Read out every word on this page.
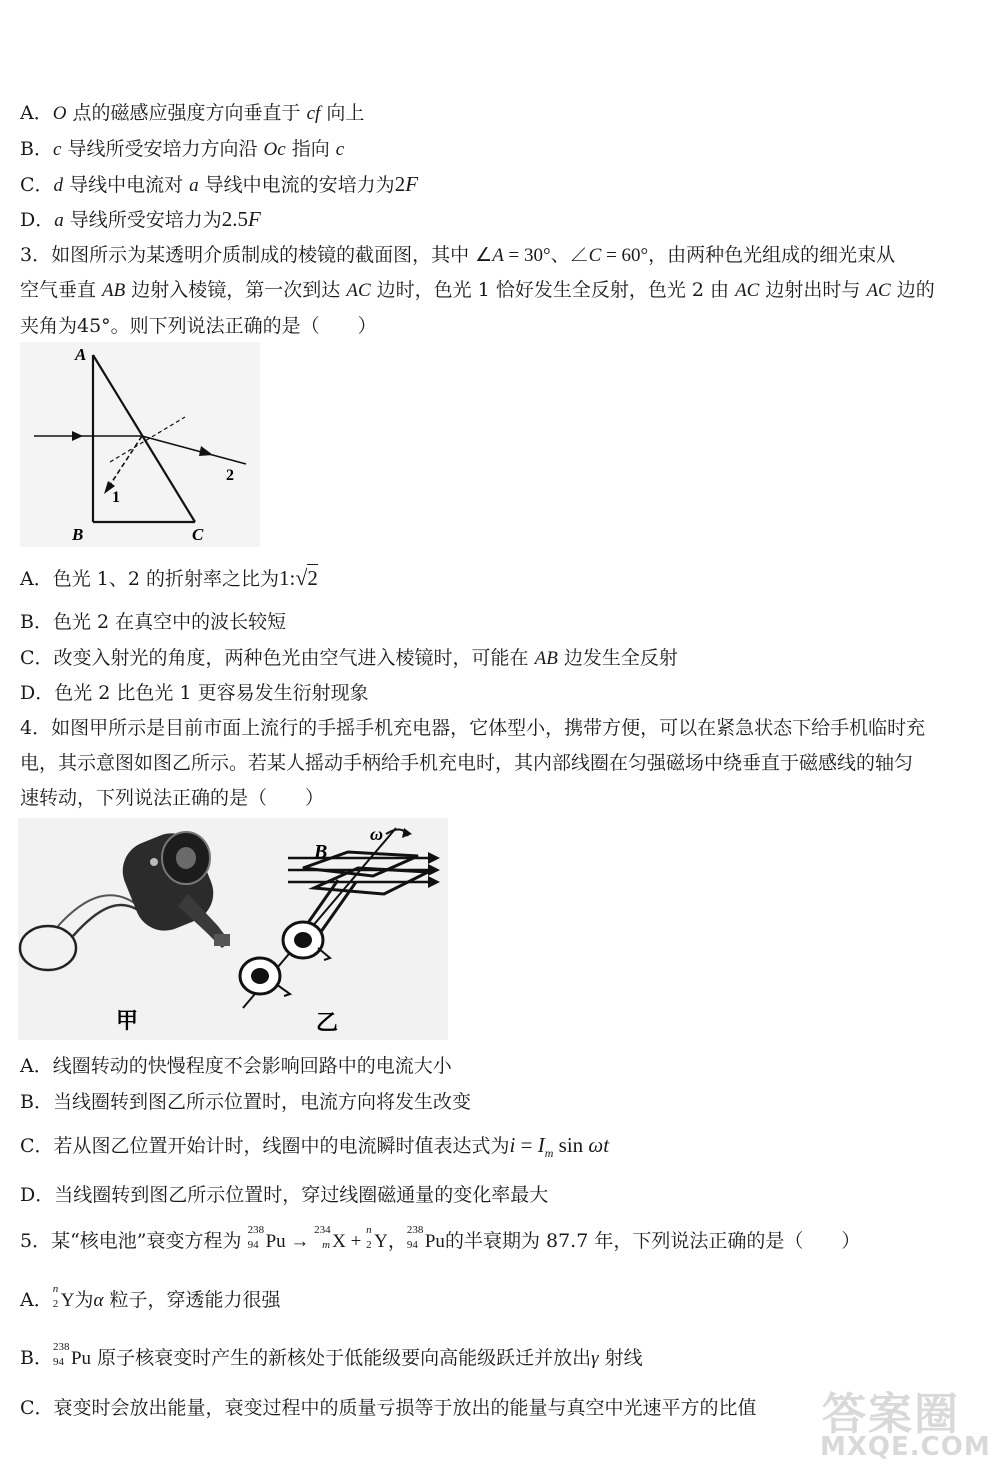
A．O 点的磁感应强度方向垂直于 cf 向上
B．c 导线所受安培力方向沿 Oc 指向 c
C．d 导线中电流对 a 导线中电流的安培力为2F
D．a 导线所受安培力为2.5F
3．如图所示为某透明介质制成的棱镜的截面图，其中 ∠A = 30°、∠C = 60°，由两种色光组成的细光束从
空气垂直 AB 边射入棱镜，第一次到达 AC 边时，色光 1 恰好发生全反射，色光 2 由 AC 边射出时与 AC 边的
夹角为45°。则下列说法正确的是（　　）
A
B	C
1
2
A．色光 1、2 的折射率之比为1:√2
B．色光 2 在真空中的波长较短
C．改变入射光的角度，两种色光由空气进入棱镜时，可能在 AB 边发生全反射
D．色光 2 比色光 1 更容易发生衍射现象
4．如图甲所示是目前市面上流行的手摇手机充电器，它体型小，携带方便，可以在紧急状态下给手机临时充
电，其示意图如图乙所示。若某人摇动手柄给手机充电时，其内部线圈在匀强磁场中绕垂直于磁感线的轴匀
速转动，下列说法正确的是（　　）
B
ω
甲	乙
A．线圈转动的快慢程度不会影响回路中的电流大小
B．当线圈转到图乙所示位置时，电流方向将发生改变
C．若从图乙位置开始计时，线圈中的电流瞬时值表达式为$i = I_m$ sin ωt
D．当线圈转到图乙所示位置时，穿过线圈磁通量的变化率最大
5．某“核电池”衰变方程为 238
94 Pu →
234
m X +
n
2 Y， 238
94 Pu的半衰期为 87.7 年，下列说法正确的是（　　）
A． n
2 Y为α 粒子，穿透能力很强
B． 238
94 Pu 原子核衰变时产生的新核处于低能级要向高能级跃迁并放出γ 射线
C．衰变时会放出能量，衰变过程中的质量亏损等于放出的能量与真空中光速平方的比值 答案圈
MXQE.COM
